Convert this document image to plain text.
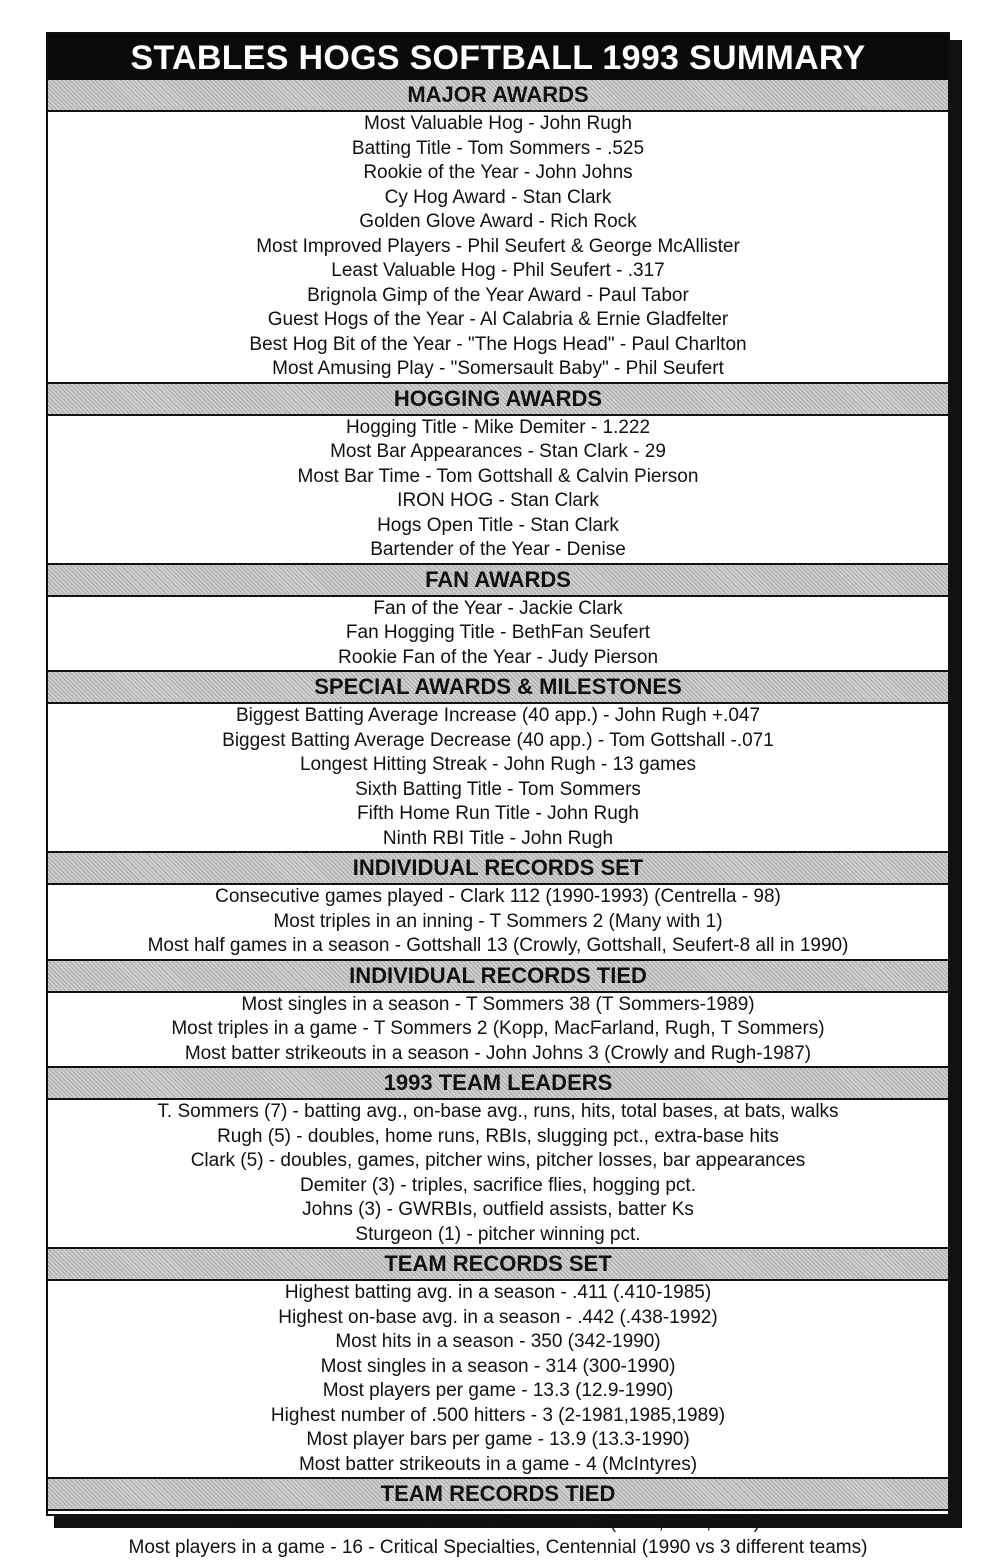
STABLES HOGS SOFTBALL 1993 SUMMARY
MAJOR AWARDS
Most Valuable Hog - John Rugh
Batting Title - Tom Sommers - .525
Rookie of the Year - John Johns
Cy Hog Award - Stan Clark
Golden Glove Award - Rich Rock
Most Improved Players - Phil Seufert & George McAllister
Least Valuable Hog - Phil Seufert - .317
Brignola Gimp of the Year Award - Paul Tabor
Guest Hogs of the Year - Al Calabria & Ernie Gladfelter
Best Hog Bit of the Year - "The Hogs Head" - Paul Charlton
Most Amusing Play - "Somersault Baby" - Phil Seufert
HOGGING AWARDS
Hogging Title - Mike Demiter - 1.222
Most Bar Appearances - Stan Clark - 29
Most Bar Time - Tom Gottshall & Calvin Pierson
IRON HOG - Stan Clark
Hogs Open Title - Stan Clark
Bartender of the Year - Denise
FAN AWARDS
Fan of the Year - Jackie Clark
Fan Hogging Title - BethFan Seufert
Rookie Fan of the Year - Judy Pierson
SPECIAL AWARDS & MILESTONES
Biggest Batting Average Increase (40 app.) - John Rugh +.047
Biggest Batting Average Decrease (40 app.) - Tom Gottshall -.071
Longest Hitting Streak - John Rugh - 13 games
Sixth Batting Title - Tom Sommers
Fifth Home Run Title - John Rugh
Ninth RBI Title - John Rugh
INDIVIDUAL RECORDS SET
Consecutive games played - Clark 112 (1990-1993) (Centrella - 98)
Most triples in an inning - T Sommers 2 (Many with 1)
Most half games in a season - Gottshall 13 (Crowly, Gottshall, Seufert-8 all in 1990)
INDIVIDUAL RECORDS TIED
Most singles in a season - T Sommers 38 (T Sommers-1989)
Most triples in a game - T Sommers 2 (Kopp, MacFarland, Rugh, T Sommers)
Most batter strikeouts in a season - John Johns 3 (Crowly and Rugh-1987)
1993 TEAM LEADERS
T. Sommers (7) - batting avg., on-base avg., runs, hits, total bases, at bats, walks
Rugh (5) - doubles, home runs, RBIs, slugging pct., extra-base hits
Clark (5) - doubles, games, pitcher wins, pitcher losses, bar appearances
Demiter (3) - triples, sacrifice flies, hogging pct.
Johns (3) - GWRBIs, outfield assists, batter Ks
Sturgeon (1) - pitcher winning pct.
TEAM RECORDS SET
Highest batting avg. in a season - .411 (.410-1985)
Highest on-base avg. in a season - .442 (.438-1992)
Most hits in a season - 350 (342-1990)
Most singles in a season - 314 (300-1990)
Most players per game - 13.3 (12.9-1990)
Highest number of .500 hitters - 3 (2-1981,1985,1989)
Most player bars per game - 13.9 (13.3-1990)
Most batter strikeouts in a game - 4 (McIntyres)
TEAM RECORDS TIED
Most consecutive wins at start of season - 2 (1981,1985,1987)
Most players in a game - 16 - Critical Specialties, Centennial (1990 vs 3 different teams)
